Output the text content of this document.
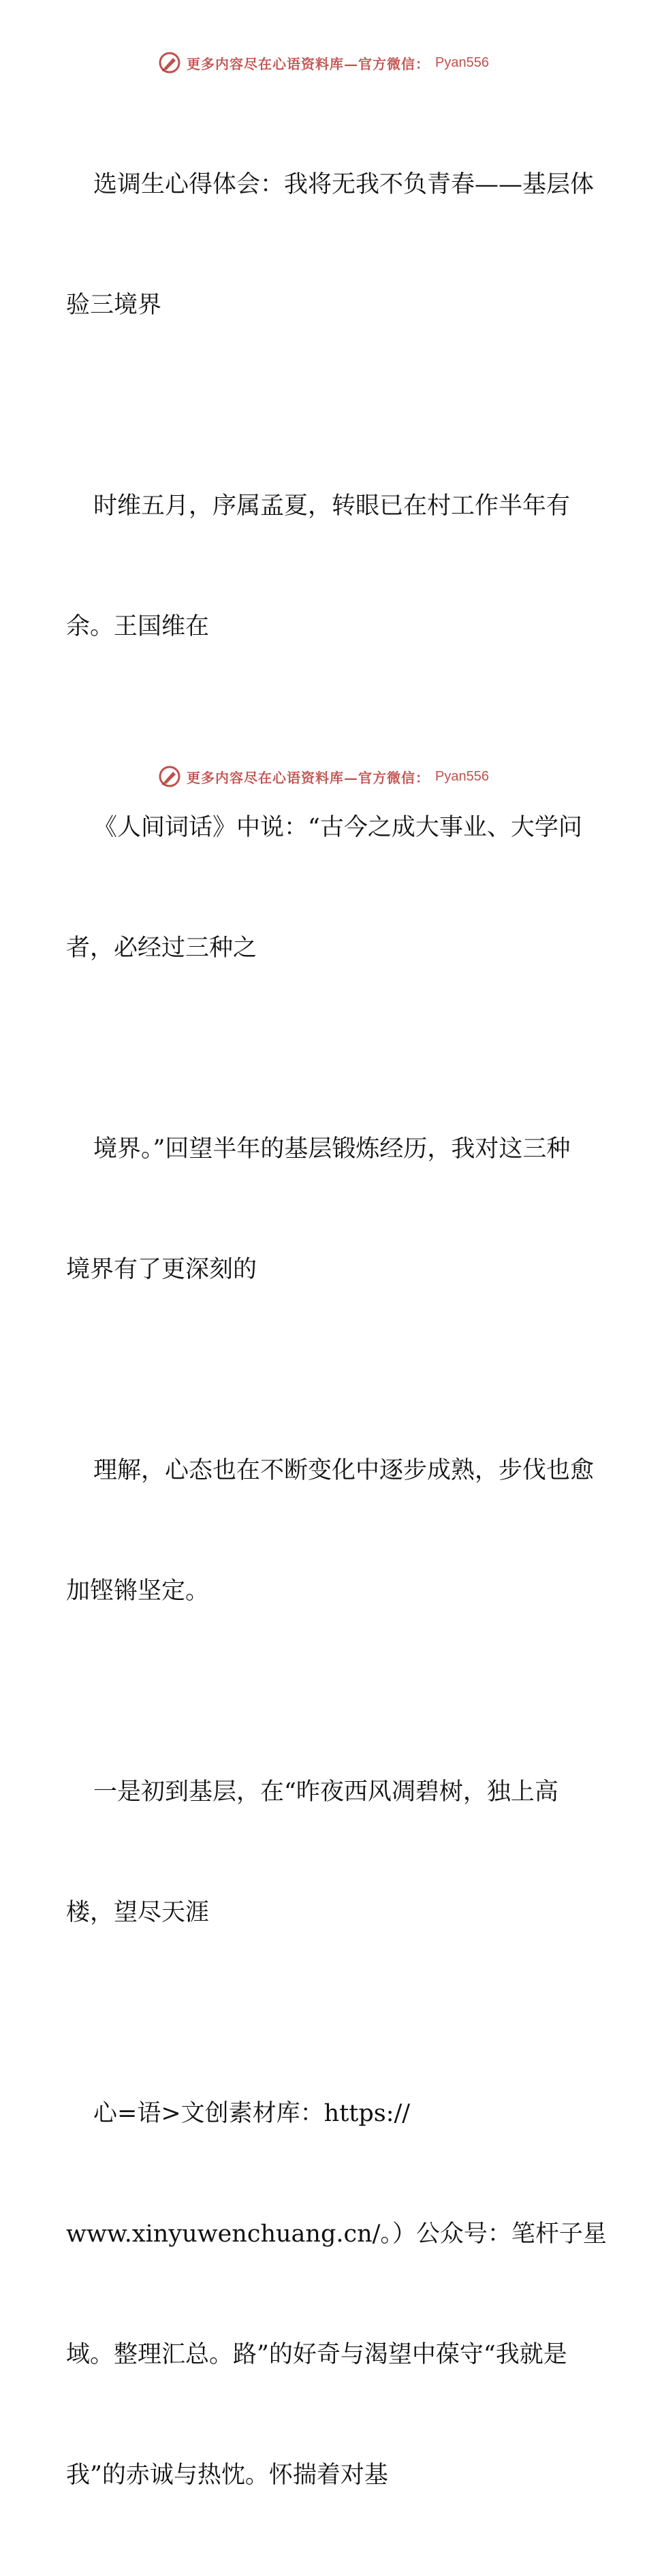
更多内容尽在心语资料库—官方微信： Pyan556

选调生心得体会：我将无我不负青春——基层体

验三境界

时维五月，序属孟夏，转眼已在村工作半年有

余。王国维在

《人间词话》中说：“古今之成大事业、大学问

者，必经过三种之

境界。”回望半年的基层锻炼经历，我对这三种

境界有了更深刻的

理解，心态也在不断变化中逐步成熟，步伐也愈

加铿锵坚定。

一是初到基层，在“昨夜西风凋碧树，独上高

楼，望尽天涯

心=语>文创素材库：https://

www.xinyuwenchuang.cn/。）公众号：笔杆子星

域。整理汇总。路”的好奇与渴望中葆守“我就是

我”的赤诚与热忱。怀揣着对基

更多内容尽在心语资料库—官方微信： Pyan556
